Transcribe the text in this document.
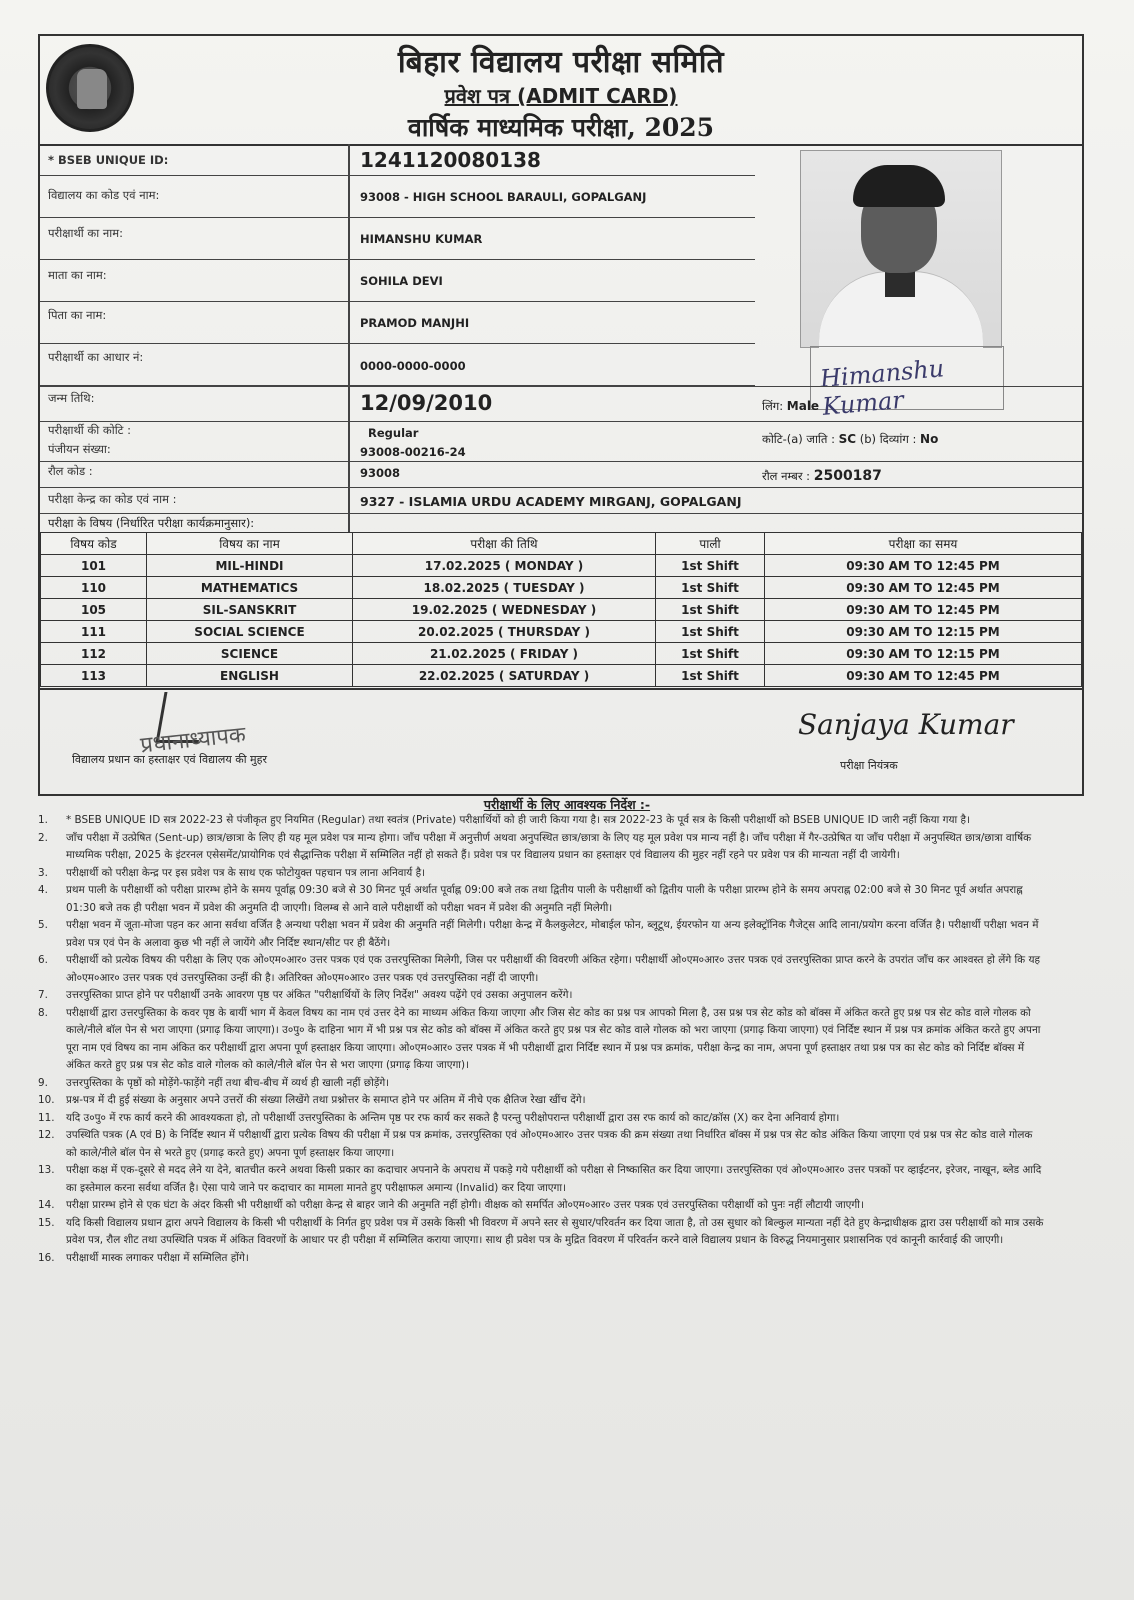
बिहार विद्यालय परीक्षा समिति
प्रवेश पत्र (ADMIT CARD)
वार्षिक माध्यमिक परीक्षा, 2025
* BSEB UNIQUE ID:	1241120080138
विद्यालय का कोड एवं नाम:	93008 - HIGH SCHOOL BARAULI, GOPALGANJ
परीक्षार्थी का नाम:	HIMANSHU KUMAR
माता का नाम:	SOHILA DEVI
पिता का नाम:
PRAMOD MANJHI
परीक्षार्थी का आधार नं:
0000-0000-0000	Himanshu Kumar
जन्म तिथि:	12/09/2010	लिंग: Male
परीक्षार्थी की कोटि :	Regular	कोटि-(a) जाति : SC (b) दिव्यांग : No
पंजीयन संख्या:	93008-00216-24
रौल कोड :	93008	रौल नम्बर : 2500187
परीक्षा केन्द्र का कोड एवं नाम :	9327 - ISLAMIA URDU ACADEMY MIRGANJ, GOPALGANJ
परीक्षा के विषय (निर्धारित परीक्षा कार्यक्रमानुसार):
विषय कोड	विषय का नाम	परीक्षा की तिथि	पाली	परीक्षा का समय
101	MIL-HINDI	17.02.2025 ( MONDAY )	1st Shift	09:30 AM TO 12:45 PM
110	MATHEMATICS	18.02.2025 ( TUESDAY )	1st Shift	09:30 AM TO 12:45 PM
105	SIL-SANSKRIT	19.02.2025 ( WEDNESDAY )	1st Shift	09:30 AM TO 12:45 PM
111	SOCIAL SCIENCE	20.02.2025 ( THURSDAY )	1st Shift	09:30 AM TO 12:15 PM
112	SCIENCE	21.02.2025 ( FRIDAY )	1st Shift	09:30 AM TO 12:15 PM
113	ENGLISH	22.02.2025 ( SATURDAY )	1st Shift	09:30 AM TO 12:45 PM
प्रधानाध्यापक
विद्यालय प्रधान का हस्ताक्षर एवं विद्यालय की मुहर
Sanjaya Kumar
परीक्षा नियंत्रक
परीक्षार्थी के लिए आवश्यक निर्देश :-
1. * BSEB UNIQUE ID सत्र 2022-23 से पंजीकृत हुए नियमित (Regular) तथा स्वतंत्र (Private) परीक्षार्थियों को ही जारी किया गया है। सत्र 2022-23 के पूर्व सत्र के किसी परीक्षार्थी को BSEB UNIQUE ID जारी नहीं किया गया है।
2. जाँच परीक्षा में उत्प्रेषित (Sent-up) छात्र/छात्रा के लिए ही यह मूल प्रवेश पत्र मान्य होगा। जाँच परीक्षा में अनुत्तीर्ण अथवा अनुपस्थित छात्र/छात्रा के लिए यह मूल प्रवेश पत्र मान्य नहीं है। जाँच परीक्षा में गैर-उत्प्रेषित या जाँच परीक्षा में अनुपस्थित छात्र/छात्रा वार्षिक माध्यमिक परीक्षा, 2025 के इंटरनल एसेसमेंट/प्रायोगिक एवं सैद्धान्तिक परीक्षा में सम्मिलित नहीं हो सकते हैं। प्रवेश पत्र पर विद्यालय प्रधान का हस्ताक्षर एवं विद्यालय की मुहर नहीं रहने पर प्रवेश पत्र की मान्यता नहीं दी जायेगी।
3. परीक्षार्थी को परीक्षा केन्द्र पर इस प्रवेश पत्र के साथ एक फोटोयुक्त पहचान पत्र लाना अनिवार्य है।
4. प्रथम पाली के परीक्षार्थी को परीक्षा प्रारम्भ होने के समय पूर्वाह्न 09:30 बजे से 30 मिनट पूर्व अर्थात पूर्वाह्न 09:00 बजे तक तथा द्वितीय पाली के परीक्षार्थी को द्वितीय पाली के परीक्षा प्रारम्भ होने के समय अपराह्न 02:00 बजे से 30 मिनट पूर्व अर्थात अपराह्न 01:30 बजे तक ही परीक्षा भवन में प्रवेश की अनुमति दी जाएगी। विलम्ब से आने वाले परीक्षार्थी को परीक्षा भवन में प्रवेश की अनुमति नहीं मिलेगी।
5. परीक्षा भवन में जूता-मोजा पहन कर आना सर्वथा वर्जित है अन्यथा परीक्षा भवन में प्रवेश की अनुमति नहीं मिलेगी। परीक्षा केन्द्र में कैलकुलेटर, मोबाईल फोन, ब्लूटूथ, ईयरफोन या अन्य इलेक्ट्रॉनिक गैजेट्स आदि लाना/प्रयोग करना वर्जित है। परीक्षार्थी परीक्षा भवन में प्रवेश पत्र एवं पेन के अलावा कुछ भी नहीं ले जायेंगे और निर्दिष्ट स्थान/सीट पर ही बैठेंगे।
6. परीक्षार्थी को प्रत्येक विषय की परीक्षा के लिए एक ओ०एम०आर० उत्तर पत्रक एवं एक उत्तरपुस्तिका मिलेगी, जिस पर परीक्षार्थी की विवरणी अंकित रहेगा। परीक्षार्थी ओ०एम०आर० उत्तर पत्रक एवं उत्तरपुस्तिका प्राप्त करने के उपरांत जाँच कर आश्वस्त हो लेंगे कि यह ओ०एम०आर० उत्तर पत्रक एवं उत्तरपुस्तिका उन्हीं की है। अतिरिक्त ओ०एम०आर० उत्तर पत्रक एवं उत्तरपुस्तिका नहीं दी जाएगी।
7. उत्तरपुस्तिका प्राप्त होने पर परीक्षार्थी उनके आवरण पृष्ठ पर अंकित "परीक्षार्थियों के लिए निर्देश" अवश्य पढ़ेंगे एवं उसका अनुपालन करेंगे।
8. परीक्षार्थी द्वारा उत्तरपुस्तिका के कवर पृष्ठ के बायीं भाग में केवल विषय का नाम एवं उत्तर देने का माध्यम अंकित किया जाएगा और जिस सेट कोड का प्रश्न पत्र आपको मिला है, उस प्रश्न पत्र सेट कोड को बॉक्स में अंकित करते हुए प्रश्न पत्र सेट कोड वाले गोलक को काले/नीले बॉल पेन से भरा जाएगा (प्रगाढ़ किया जाएगा)। उ०पु० के दाहिना भाग में भी प्रश्न पत्र सेट कोड को बॉक्स में अंकित करते हुए प्रश्न पत्र सेट कोड वाले गोलक को भरा जाएगा (प्रगाढ़ किया जाएगा) एवं निर्दिष्ट स्थान में प्रश्न पत्र क्रमांक अंकित करते हुए अपना पूरा नाम एवं विषय का नाम अंकित कर परीक्षार्थी द्वारा अपना पूर्ण हस्ताक्षर किया जाएगा। ओ०एम०आर० उत्तर पत्रक में भी परीक्षार्थी द्वारा निर्दिष्ट स्थान में प्रश्न पत्र क्रमांक, परीक्षा केन्द्र का नाम, अपना पूर्ण हस्ताक्षर तथा प्रश्न पत्र का सेट कोड को निर्दिष्ट बॉक्स में अंकित करते हुए प्रश्न पत्र सेट कोड वाले गोलक को काले/नीले बॉल पेन से भरा जाएगा (प्रगाढ़ किया जाएगा)।
9. उत्तरपुस्तिका के पृष्ठों को मोड़ेंगे-फाड़ेंगे नहीं तथा बीच-बीच में व्यर्थ ही खाली नहीं छोड़ेंगे।
10. प्रश्न-पत्र में दी हुई संख्या के अनुसार अपने उत्तरों की संख्या लिखेंगे तथा प्रश्नोत्तर के समाप्त होने पर अंतिम में नीचे एक क्षैतिज रेखा खींच देंगे।
11. यदि उ०पु० में रफ कार्य करने की आवश्यकता हो, तो परीक्षार्थी उत्तरपुस्तिका के अन्तिम पृष्ठ पर रफ कार्य कर सकते है परन्तु परीक्षोपरान्त परीक्षार्थी द्वारा उस रफ कार्य को काट/क्रॉस (X) कर देना अनिवार्य होगा।
12. उपस्थिति पत्रक (A एवं B) के निर्दिष्ट स्थान में परीक्षार्थी द्वारा प्रत्येक विषय की परीक्षा में प्रश्न पत्र क्रमांक, उत्तरपुस्तिका एवं ओ०एम०आर० उत्तर पत्रक की क्रम संख्या तथा निर्धारित बॉक्स में प्रश्न पत्र सेट कोड अंकित किया जाएगा एवं प्रश्न पत्र सेट कोड वाले गोलक को काले/नीले बॉल पेन से भरते हुए (प्रगाढ़ करते हुए) अपना पूर्ण हस्ताक्षर किया जाएगा।
13. परीक्षा कक्ष में एक-दूसरे से मदद लेने या देने, बातचीत करने अथवा किसी प्रकार का कदाचार अपनाने के अपराध में पकड़े गये परीक्षार्थी को परीक्षा से निष्कासित कर दिया जाएगा। उत्तरपुस्तिका एवं ओ०एम०आर० उत्तर पत्रकों पर व्हाईटनर, इरेजर, नाखून, ब्लेड आदि का इस्तेमाल करना सर्वथा वर्जित है। ऐसा पाये जाने पर कदाचार का मामला मानते हुए परीक्षाफल अमान्य (Invalid) कर दिया जाएगा।
14. परीक्षा प्रारम्भ होने से एक घंटा के अंदर किसी भी परीक्षार्थी को परीक्षा केन्द्र से बाहर जाने की अनुमति नहीं होगी। वीक्षक को समर्पित ओ०एम०आर० उत्तर पत्रक एवं उत्तरपुस्तिका परीक्षार्थी को पुनः नहीं लौटायी जाएगी।
15. यदि किसी विद्यालय प्रधान द्वारा अपने विद्यालय के किसी भी परीक्षार्थी के निर्गत हुए प्रवेश पत्र में उसके किसी भी विवरण में अपने स्तर से सुधार/परिवर्तन कर दिया जाता है, तो उस सुधार को बिल्कुल मान्यता नहीं देते हुए केन्द्राधीक्षक द्वारा उस परीक्षार्थी को मात्र उसके प्रवेश पत्र, रौल शीट तथा उपस्थिति पत्रक में अंकित विवरणों के आधार पर ही परीक्षा में सम्मिलित कराया जाएगा। साथ ही प्रवेश पत्र के मुद्रित विवरण में परिवर्तन करने वाले विद्यालय प्रधान के विरुद्ध नियमानुसार प्रशासनिक एवं कानूनी कार्रवाई की जाएगी।
16. परीक्षार्थी मास्क लगाकर परीक्षा में सम्मिलित होंगे।
